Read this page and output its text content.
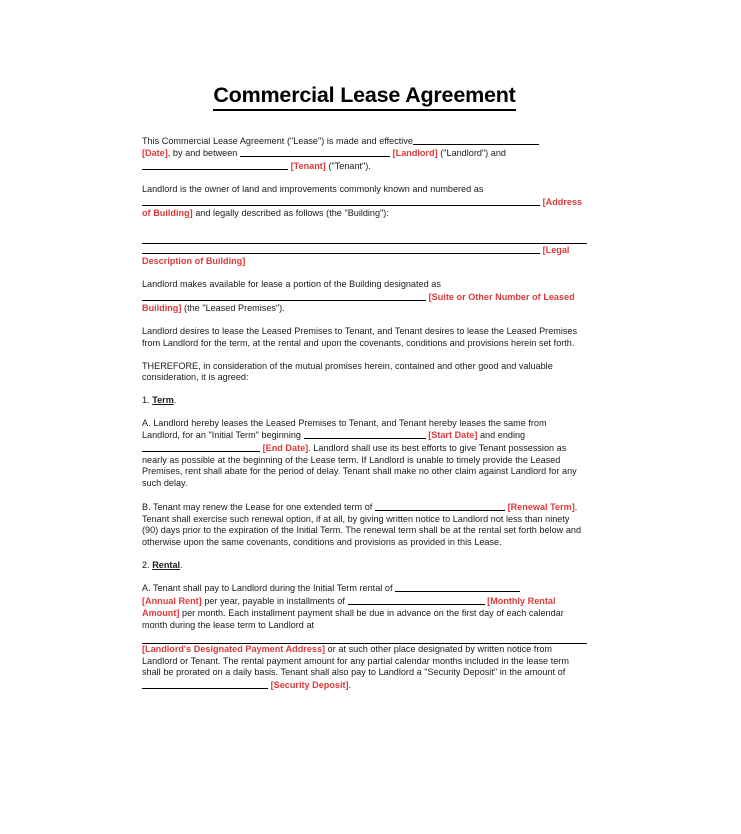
Commercial Lease Agreement

This Commercial Lease Agreement ("Lease") is made and effective
[Date], by and between	[Landlord] ("Landlord") and
[Tenant] ("Tenant").

Landlord is the owner of land and improvements commonly known and numbered as
[Address of Building] and legally described as follows (the "Building"):

[Legal Description of Building]

Landlord makes available for lease a portion of the Building designated as
[Suite or Other Number of Leased Building] (the "Leased Premises").

Landlord desires to lease the Leased Premises to Tenant, and Tenant desires to lease the Leased Premises from Landlord for the term, at the rental and upon the covenants, conditions and provisions herein set forth.

THEREFORE, in consideration of the mutual promises herein, contained and other good and valuable consideration, it is agreed:

1. Term.

A. Landlord hereby leases the Leased Premises to Tenant, and Tenant hereby leases the same from Landlord, for an "Initial Term" beginning	[Start Date] and ending  [End Date]. Landlord shall use its best efforts to give Tenant possession as nearly as possible at the beginning of the Lease term. If Landlord is unable to timely provide the Leased Premises, rent shall abate for the period of delay. Tenant shall make no other claim against Landlord for any such delay.

B. Tenant may renew the Lease for one extended term of	[Renewal Term]. Tenant shall exercise such renewal option, if at all, by giving written notice to Landlord not less than ninety (90) days prior to the expiration of the Initial Term. The renewal term shall be at the rental set forth below and otherwise upon the same covenants, conditions and provisions as provided in this Lease.

2. Rental.

A. Tenant shall pay to Landlord during the Initial Term rental of
[Annual Rent] per year, payable in installments of	[Monthly Rental Amount] per month. Each installment payment shall be due in advance on the first day of each calendar month during the lease term to Landlord at
[Landlord's Designated Payment Address] or at such other place designated by written notice from Landlord or Tenant. The rental payment amount for any partial calendar months included in the lease term shall be prorated on a daily basis. Tenant shall also pay to Landlord a "Security Deposit" in the amount of  [Security Deposit].
